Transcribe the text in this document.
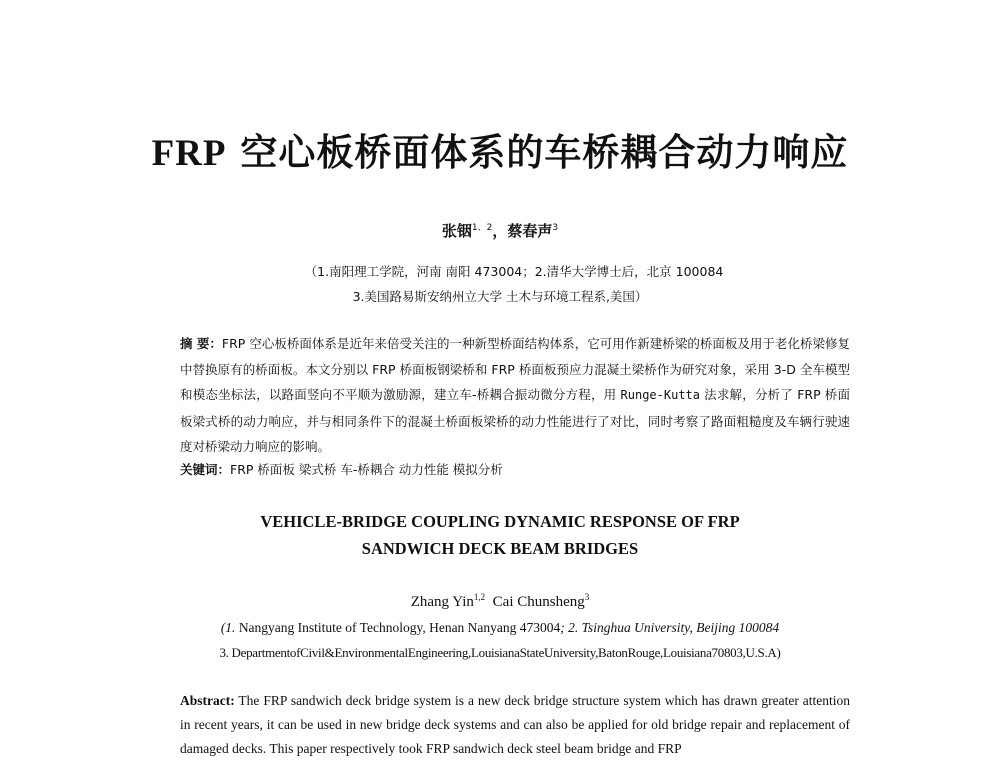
FRP 空心板桥面体系的车桥耦合动力响应
张铟$^{1、2}$，蔡春声$^3$
（1.南阳理工学院，河南 南阳 473004；2.清华大学博士后，北京 100084
3.美国路易斯安纳州立大学 土木与环境工程系,美国）
摘 要：FRP 空心板桥面体系是近年来倍受关注的一种新型桥面结构体系，它可用作新建桥梁的桥面板及用于老化桥梁修复中替换原有的桥面板。本文分别以 FRP 桥面板钢梁桥和 FRP 桥面板预应力混凝土梁桥作为研究对象，采用 3-D 全车模型和模态坐标法，以路面竖向不平顺为激励源，建立车-桥耦合振动微分方程，用 Runge-Kutta 法求解，分析了 FRP 桥面板梁式桥的动力响应，并与相同条件下的混凝土桥面板梁桥的动力性能进行了对比，同时考察了路面粗糙度及车辆行驶速度对桥梁动力响应的影响。
关键词：FRP 桥面板 梁式桥 车-桥耦合 动力性能 模拟分析
VEHICLE-BRIDGE COUPLING DYNAMIC RESPONSE OF FRP
SANDWICH DECK BEAM BRIDGES
Zhang Yin$^{1,2}$ Cai Chunsheng$^3$
(1. Nangyang Institute of Technology, Henan Nanyang 473004; 2. Tsinghua University, Beijing 100084
3. DepartmentofCivil&EnvironmentalEngineering,LouisianaStateUniversity,BatonRouge,Louisiana70803,U.S.A)
Abstract: The FRP sandwich deck bridge system is a new deck bridge structure system which has drawn greater attention in recent years, it can be used in new bridge deck systems and can also be applied for old bridge repair and replacement of damaged decks. This paper respectively took FRP sandwich deck steel beam bridge and FRP
